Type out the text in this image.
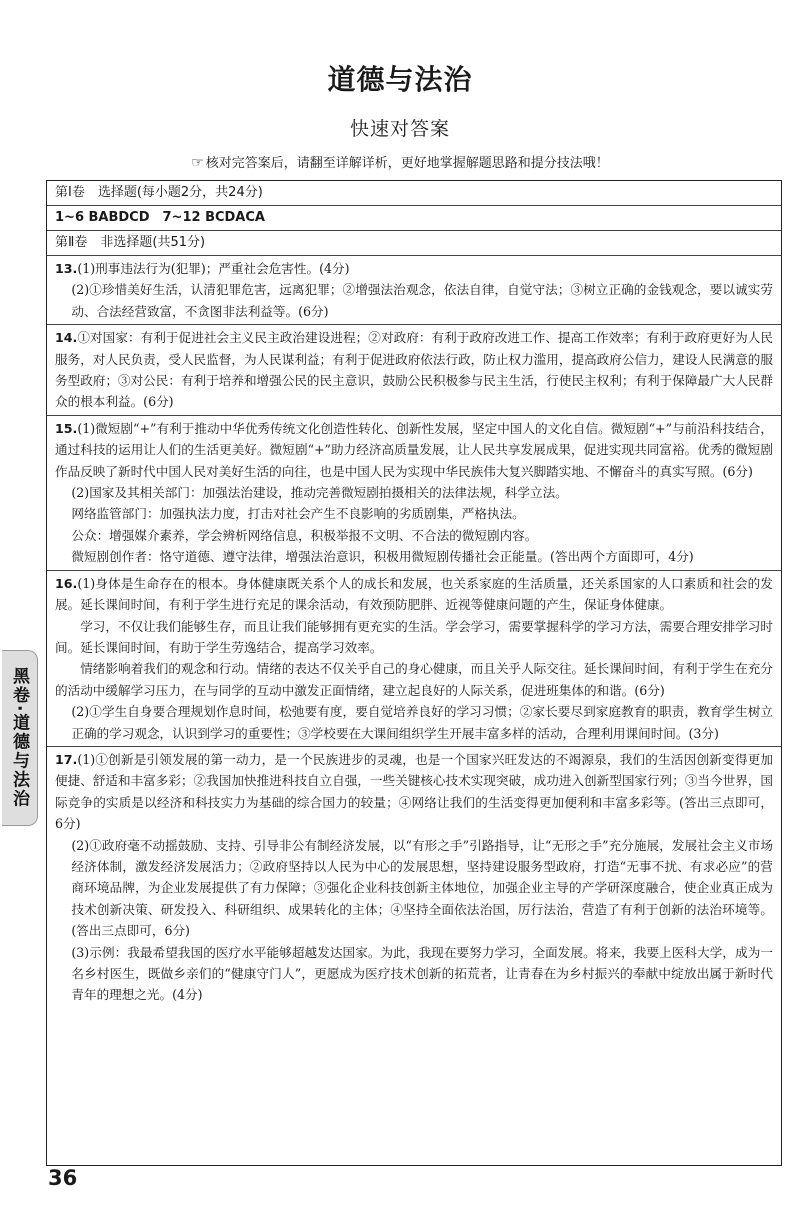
道德与法治
快速对答案
☞ 核对完答案后，请翻至详解详析，更好地掌握解题思路和提分技法哦！
第Ⅰ卷　选择题(每小题2分，共24分)
1~6 BABDCD　7~12 BCDACA
第Ⅱ卷　非选择题(共51分)

13.(1)刑事违法行为(犯罪)；严重社会危害性。(4分)

(2)①珍惜美好生活，认清犯罪危害，远离犯罪；②增强法治观念，依法自律，自觉守法；③树立正确的金钱观念，要以诚实劳动、合法经营致富，不贪图非法利益等。(6分)

14.①对国家：有利于促进社会主义民主政治建设进程；②对政府：有利于政府改进工作、提高工作效率；有利于政府更好为人民服务，对人民负责，受人民监督，为人民谋利益；有利于促进政府依法行政，防止权力滥用，提高政府公信力，建设人民满意的服务型政府；③对公民：有利于培养和增强公民的民主意识，鼓励公民积极参与民主生活，行使民主权利；有利于保障最广大人民群众的根本利益。(6分)

15.(1)微短剧“+”有利于推动中华优秀传统文化创造性转化、创新性发展，坚定中国人的文化自信。微短剧“+”与前沿科技结合，通过科技的运用让人们的生活更美好。微短剧“+”助力经济高质量发展，让人民共享发展成果，促进实现共同富裕。优秀的微短剧作品反映了新时代中国人民对美好生活的向往，也是中国人民为实现中华民族伟大复兴脚踏实地、不懈奋斗的真实写照。(6分)

(2)国家及其相关部门：加强法治建设，推动完善微短剧拍摄相关的法律法规，科学立法。

网络监管部门：加强执法力度，打击对社会产生不良影响的劣质剧集，严格执法。

公众：增强媒介素养，学会辨析网络信息，积极举报不文明、不合法的微短剧内容。

微短剧创作者：恪守道德、遵守法律，增强法治意识，积极用微短剧传播社会正能量。(答出两个方面即可，4分)

16.(1)身体是生命存在的根本。身体健康既关系个人的成长和发展，也关系家庭的生活质量，还关系国家的人口素质和社会的发展。延长课间时间，有利于学生进行充足的课余活动，有效预防肥胖、近视等健康问题的产生，保证身体健康。

学习，不仅让我们能够生存，而且让我们能够拥有更充实的生活。学会学习，需要掌握科学的学习方法，需要合理安排学习时间。延长课间时间，有助于学生劳逸结合，提高学习效率。

情绪影响着我们的观念和行动。情绪的表达不仅关乎自己的身心健康，而且关乎人际交往。延长课间时间，有利于学生在充分的活动中缓解学习压力，在与同学的互动中激发正面情绪，建立起良好的人际关系，促进班集体的和谐。(6分)

(2)①学生自身要合理规划作息时间，松弛要有度，要自觉培养良好的学习习惯；②家长要尽到家庭教育的职责，教育学生树立正确的学习观念，认识到学习的重要性；③学校要在大课间组织学生开展丰富多样的活动，合理利用课间时间。(3分)

17.(1)①创新是引领发展的第一动力，是一个民族进步的灵魂，也是一个国家兴旺发达的不竭源泉，我们的生活因创新变得更加便捷、舒适和丰富多彩；②我国加快推进科技自立自强，一些关键核心技术实现突破，成功进入创新型国家行列；③当今世界，国际竞争的实质是以经济和科技实力为基础的综合国力的较量；④网络让我们的生活变得更加便利和丰富多彩等。(答出三点即可，6分)

(2)①政府毫不动摇鼓励、支持、引导非公有制经济发展，以“有形之手”引路指导，让“无形之手”充分施展，发展社会主义市场经济体制，激发经济发展活力；②政府坚持以人民为中心的发展思想，坚持建设服务型政府，打造“无事不扰、有求必应”的营商环境品牌，为企业发展提供了有力保障；③强化企业科技创新主体地位，加强企业主导的产学研深度融合，使企业真正成为技术创新决策、研发投入、科研组织、成果转化的主体；④坚持全面依法治国，厉行法治，营造了有利于创新的法治环境等。(答出三点即可，6分)

(3)示例：我最希望我国的医疗水平能够超越发达国家。为此，我现在要努力学习，全面发展。将来，我要上医科大学，成为一名乡村医生，既做乡亲们的“健康守门人”，更愿成为医疗技术创新的拓荒者，让青春在为乡村振兴的奉献中绽放出属于新时代青年的理想之光。(4分)

黑卷·道德与法治
36
